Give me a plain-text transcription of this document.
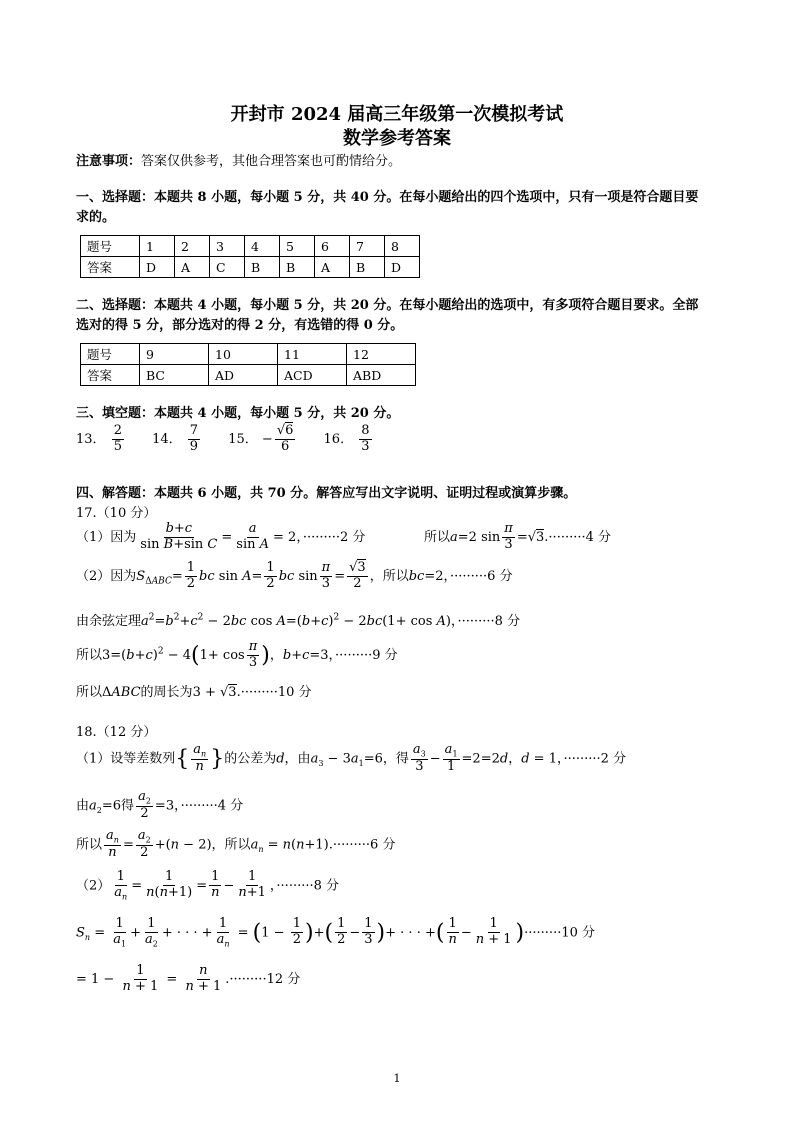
开封市 2024 届高三年级第一次模拟考试
数学参考答案
注意事项：答案仅供参考，其他合理答案也可酌情给分。
一、选择题：本题共 8 小题，每小题 5 分，共 40 分。在每小题给出的四个选项中，只有一项是符合题目要
求的。
题号	1	2	3	4	5	6	7	8
答案	D	A	C	B	B	A	B	D
二、选择题：本题共 4 小题，每小题 5 分，共 20 分。在每小题给出的选项中，有多项符合题目要求。全部
选对的得 5 分，部分选对的得 2 分，有选错的得 0 分。
题号	9	10	11	12
答案	BC	AD	ACD	ABD
三、填空题：本题共 4 小题，每小题 5 分，共 20 分。
13． $\frac{2}{5} 14$． $\frac{7}{9} 15$． − $\frac{√6}{6} 16$． $\frac{8}{3}$
四、解答题：本题共 6 小题，共 70 分。解答应写出文字说明、证明过程或演算步骤。
17.（10 分）
（1）因为 $\frac{b+c}{\text{sin B+sin C}} = \frac{a}{\text{sin A}} = 2$，·········2 分	所以a=2 $\sin \frac{\pi}{3} =√3.\cdot\cdot\cdot\cdot\cdot\cdot\cdot\cdot\cdot 4$ 分
（2）因为$S_{\Delta ABC}= \frac{1}{2}$ bc $\sin A= \frac{1}{2}$ bc $\sin \frac{\pi}{3} = \frac{√3}{2}$ ，所以bc=2，·········6 分
由余弦定理$a^2=b^2+c^2 - 2bc$ $\cos A=(b+c)^2 - 2bc(1+ \cos A)$，·········8 分
所以$3=(b+c)^2 - 4(1+ \cos \frac{\pi}{3}$ )，b+c=3，·········9 分
所以ΔABC的周长为3 + √3.·········10 分
18.（12 分）
（1）设等差数列{ $\frac{a_n}{n}$ }的公差为d，由$a_3 - 3a_1=6$，得 $\frac{a_3}{3} - \frac{a_1}{1} =2=2d$，d = 1，·········2 分
由$a_2=6$得 $\frac{a_2}{2} =3$，·········4 分
所以 $\frac{a_n}{n} = \frac{a_2}{2} +(n - 2)$，所以$a_n = n(n+1).\cdot\cdot\cdot\cdot\cdot\cdot\cdot\cdot\cdot 6$ 分
$(2) \frac{1}{a_n} = \frac{1}{n(n+1)} = \frac{1}{n} - \frac{1}{n+1}$ ，·········8 分
$S_n = \frac{1}{a_1} + \frac{1}{a_2}$ + · · · + $\frac{1}{a_n} = (1 - \frac{1}{2}$ )+( $\frac{1}{2} - \frac{1}{3}$ )+ · · · +( $\frac{1}{n} - \frac{1}{n + 1} )\cdot\cdot\cdot\cdot\cdot\cdot\cdot\cdot\cdot 10$ 分
= $1 - \frac{1}{n + 1} = \frac{n}{n + 1} .\cdot\cdot\cdot\cdot\cdot\cdot\cdot\cdot\cdot 12$ 分
1
